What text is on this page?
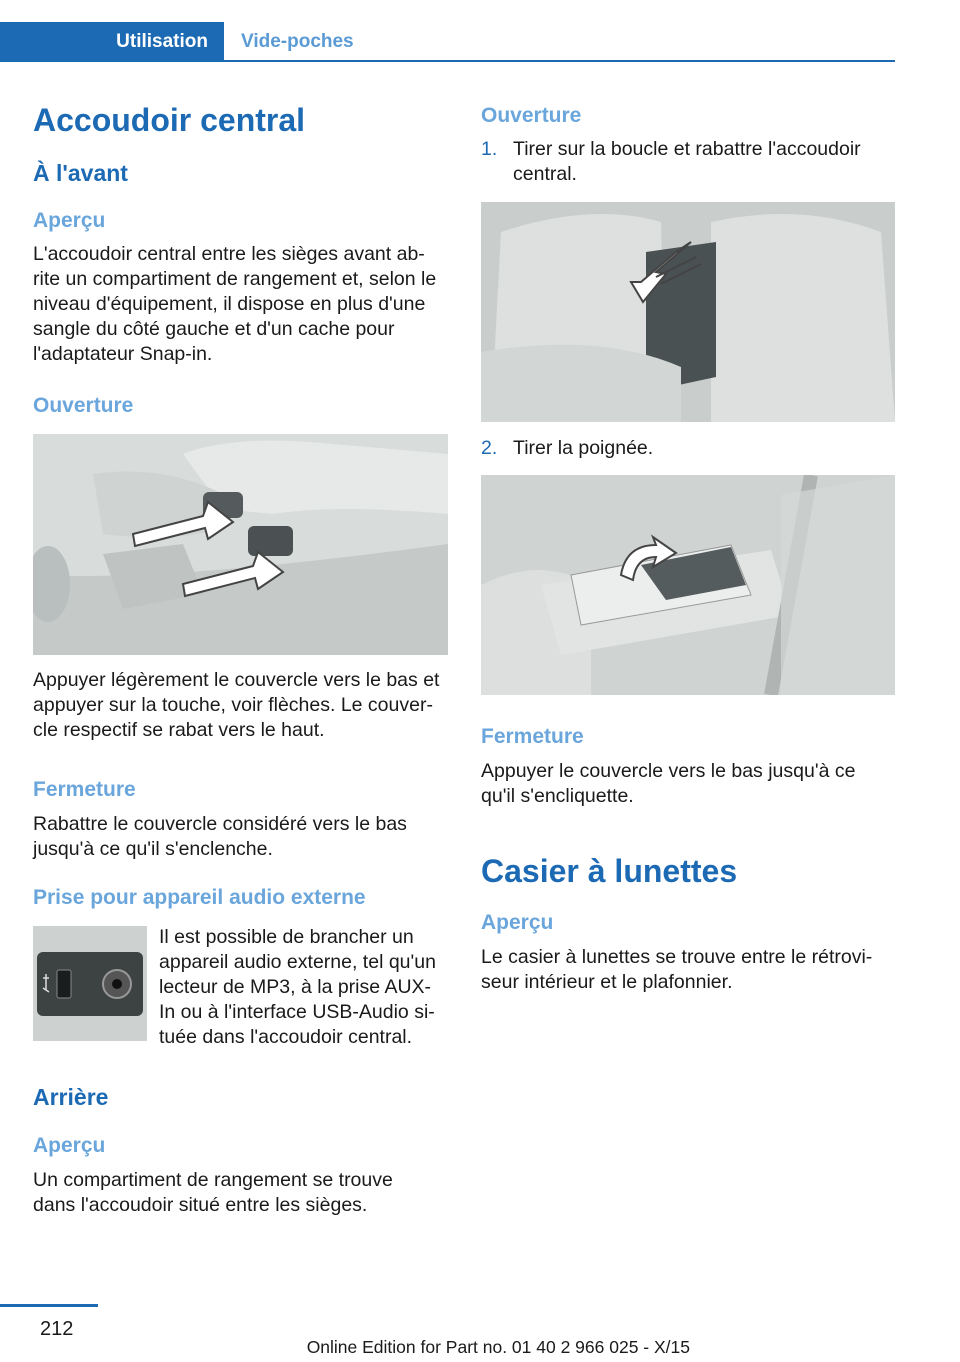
Utilisation	Vide-poches
Accoudoir central
À l'avant
Aperçu

L'accoudoir central entre les sièges avant ab-

rite un compartiment de rangement et, selon le

niveau d'équipement, il dispose en plus d'une

sangle du côté gauche et d'un cache pour

l'adaptateur Snap-in.

Ouverture

Appuyer légèrement le couvercle vers le bas et

appuyer sur la touche, voir flèches. Le couver-

cle respectif se rabat vers le haut.

Fermeture

Rabattre le couvercle considéré vers le bas

jusqu'à ce qu'il s'enclenche.

Prise pour appareil audio externe

Il est possible de brancher un

appareil audio externe, tel qu'un

lecteur de MP3, à la prise AUX-

In ou à l'interface USB-Audio si-

tuée dans l'accoudoir central.

Arrière
Aperçu

Un compartiment de rangement se trouve

dans l'accoudoir situé entre les sièges.

Ouverture
1. Tirer sur la boucle et rabattre l'accoudoir

central.

2. Tirer la poignée.

Fermeture

Appuyer le couvercle vers le bas jusqu'à ce

qu'il s'encliquette.

Casier à lunettes
Aperçu

Le casier à lunettes se trouve entre le rétrovi-

seur intérieur et le plafonnier.

212
Online Edition for Part no. 01 40 2 966 025 - X/15
